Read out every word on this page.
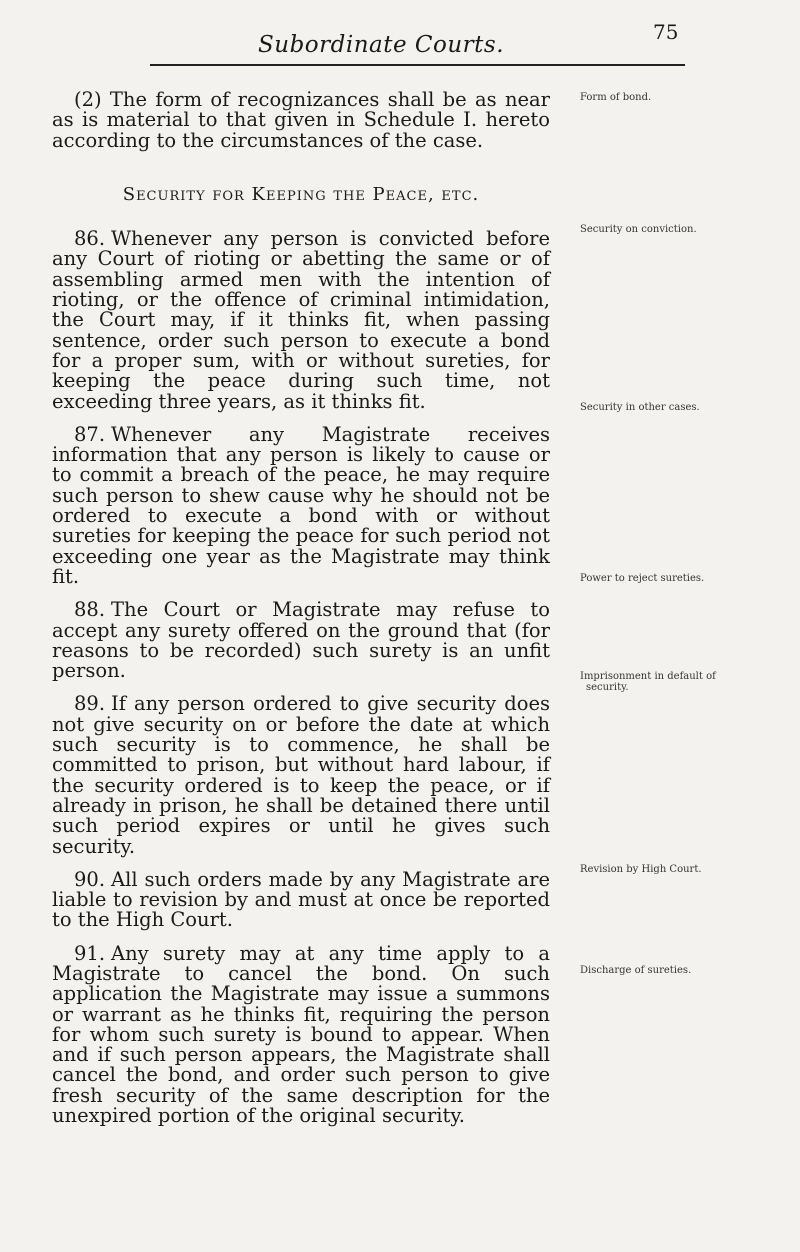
Subordinate Courts.	75

(2) The form of recognizances shall be as near as is material to that given in Schedule I. hereto according to the circumstances of the case.

Security for Keeping the Peace, etc.

86. Whenever any person is convicted before any Court of rioting or abetting the same or of assembling armed men with the intention of rioting, or the offence of criminal intimidation, the Court may, if it thinks fit, when passing sentence, order such person to execute a bond for a proper sum, with or without sureties, for keeping the peace during such time, not exceeding three years, as it thinks fit.

87. Whenever any Magistrate receives information that any person is likely to cause or to commit a breach of the peace, he may require such person to shew cause why he should not be ordered to execute a bond with or without sureties for keeping the peace for such period not exceeding one year as the Magistrate may think fit.

88. The Court or Magistrate may refuse to accept any surety offered on the ground that (for reasons to be recorded) such surety is an unfit person.

89. If any person ordered to give security does not give security on or before the date at which such security is to commence, he shall be committed to prison, but without hard labour, if the security ordered is to keep the peace, or if already in prison, he shall be detained there until such period expires or until he gives such security.

90. All such orders made by any Magistrate are liable to revision by and must at once be reported to the High Court.

91. Any surety may at any time apply to a Magistrate to cancel the bond. On such application the Magistrate may issue a summons or warrant as he thinks fit, requiring the person for whom such surety is bound to appear. When and if such person appears, the Magistrate shall cancel the bond, and order such person to give fresh security of the same description for the unexpired portion of the original security.

Form of bond.
Security on conviction.
Security in other cases.
Power to reject sureties.
Imprisonment in default of security.
Revision by High Court.
Discharge of sureties.
